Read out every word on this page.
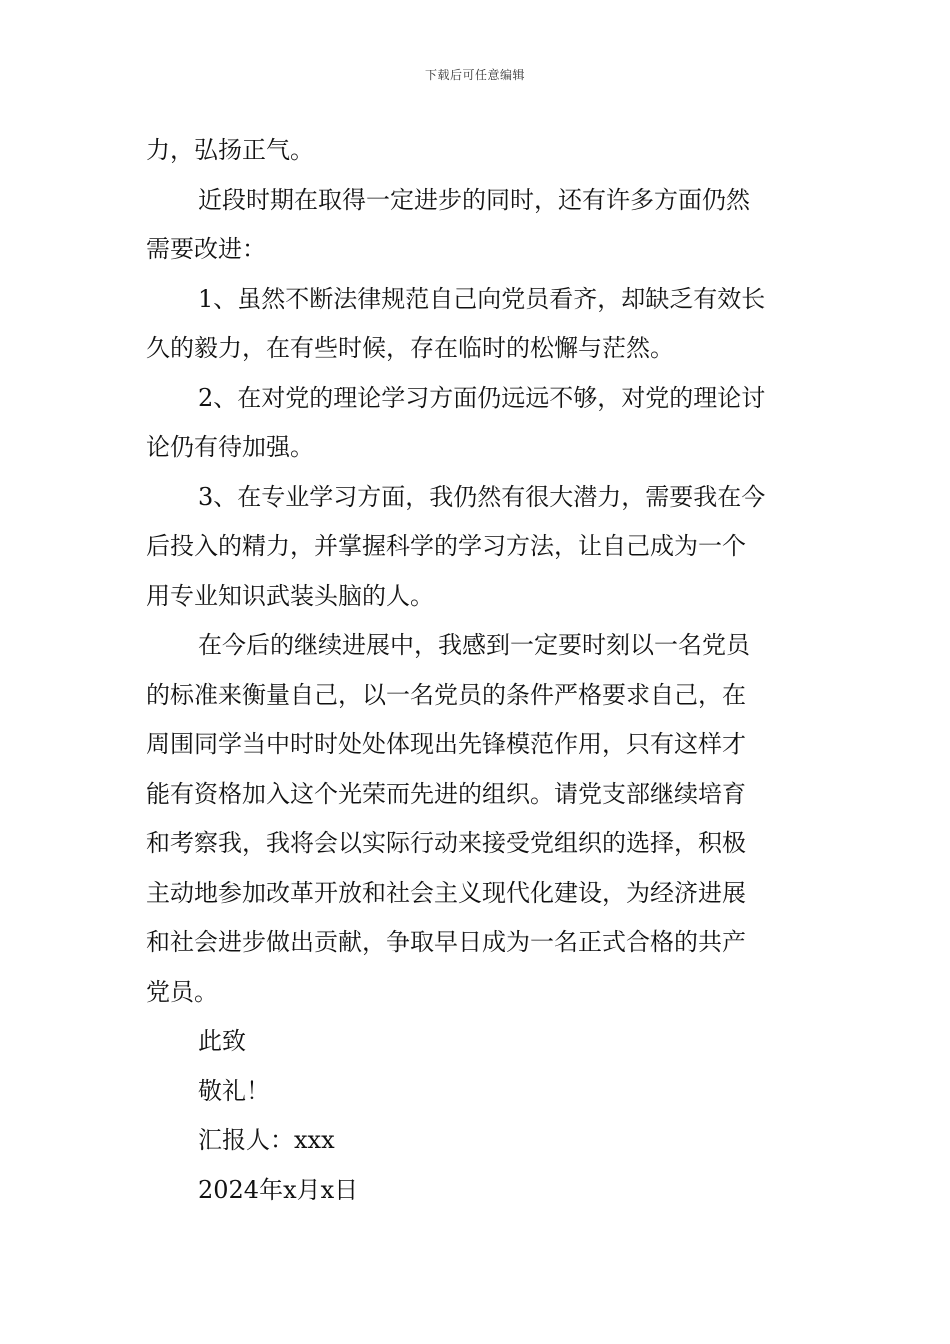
下载后可任意编辑

力，弘扬正气。

近段时期在取得一定进步的同时，还有许多方面仍然
需要改进：

1、虽然不断法律规范自己向党员看齐，却缺乏有效长
久的毅力，在有些时候，存在临时的松懈与茫然。

2、在对党的理论学习方面仍远远不够，对党的理论讨
论仍有待加强。

3、在专业学习方面，我仍然有很大潜力，需要我在今
后投入的精力，并掌握科学的学习方法，让自己成为一个
用专业知识武装头脑的人。

在今后的继续进展中，我感到一定要时刻以一名党员
的标准来衡量自己，以一名党员的条件严格要求自己，在
周围同学当中时时处处体现出先锋模范作用，只有这样才
能有资格加入这个光荣而先进的组织。请党支部继续培育
和考察我，我将会以实际行动来接受党组织的选择，积极
主动地参加改革开放和社会主义现代化建设，为经济进展
和社会进步做出贡献，争取早日成为一名正式合格的共产
党员。

此致

敬礼！

汇报人：xxx

2024年x月x日
